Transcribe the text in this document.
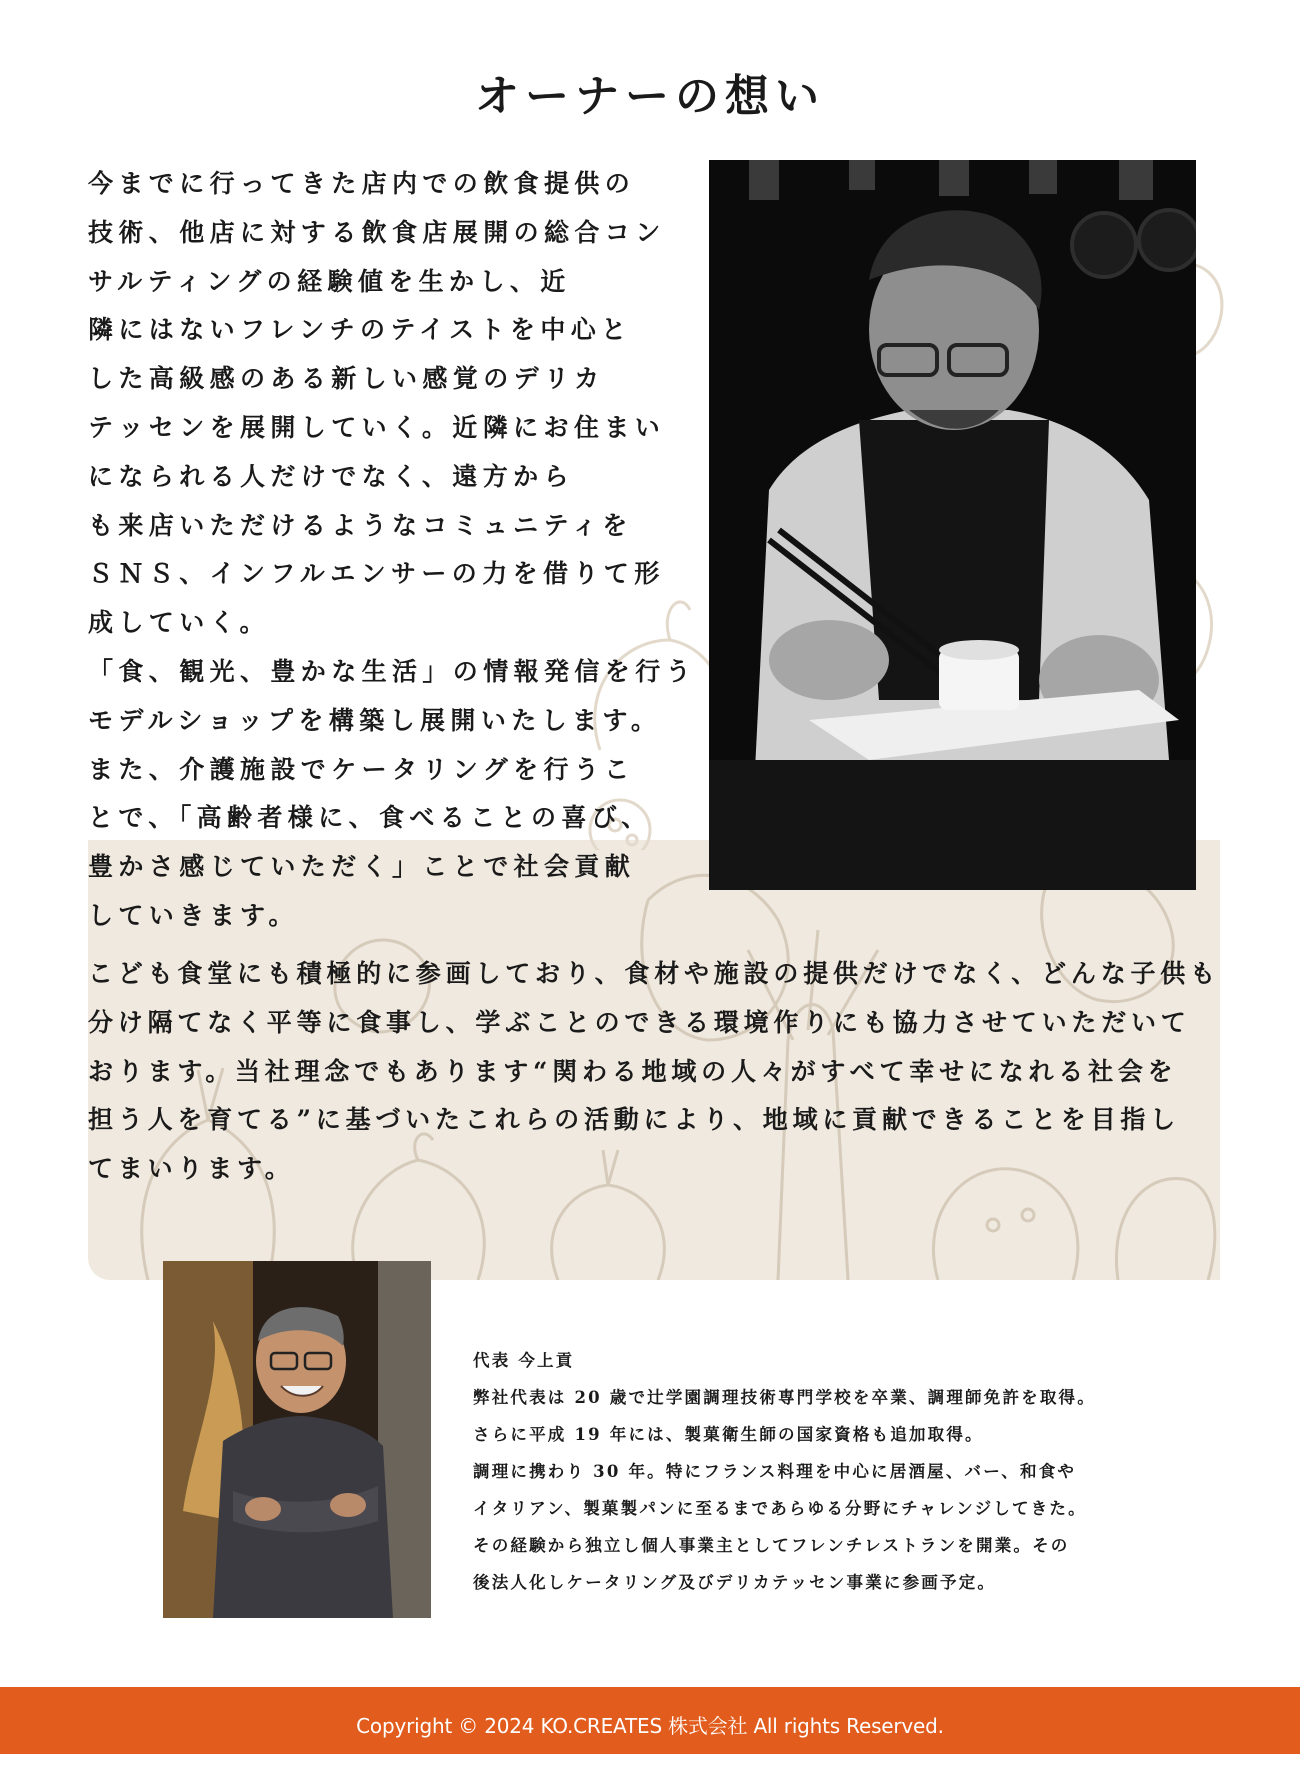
オーナーの想い
今までに行ってきた店内での飲食提供の
技術、他店に対する飲食店展開の総合コン
サルティングの経験値を生かし、近
隣にはないフレンチのテイストを中心と
した高級感のある新しい感覚のデリカ
テッセンを展開していく。近隣にお住まい
になられる人だけでなく、遠方から
も来店いただけるようなコミュニティを
ＳＮＳ、インフルエンサーの力を借りて形
成していく。
「食、観光、豊かな生活」の情報発信を行う
モデルショップを構築し展開いたします。
また、介護施設でケータリングを行うこ
とで、「高齢者様に、食べることの喜び、
豊かさ感じていただく」ことで社会貢献
していきます。
こども食堂にも積極的に参画しており、食材や施設の提供だけでなく、どんな子供も
分け隔てなく平等に食事し、学ぶことのできる環境作りにも協力させていただいて
おります。当社理念でもあります“関わる地域の人々がすべて幸せになれる社会を
担う人を育てる”に基づいたこれらの活動により、地域に貢献できることを目指し
てまいります。
代表 今上貢
弊社代表は 20 歳で辻学園調理技術専門学校を卒業、調理師免許を取得。
さらに平成 19 年には、製菓衛生師の国家資格も追加取得。
調理に携わり 30 年。特にフランス料理を中心に居酒屋、バー、和食や
イタリアン、製菓製パンに至るまであらゆる分野にチャレンジしてきた。
その経験から独立し個人事業主としてフレンチレストランを開業。その
後法人化しケータリング及びデリカテッセン事業に参画予定。
Copyright © 2024 KO.CREATES 株式会社 All rights Reserved.
